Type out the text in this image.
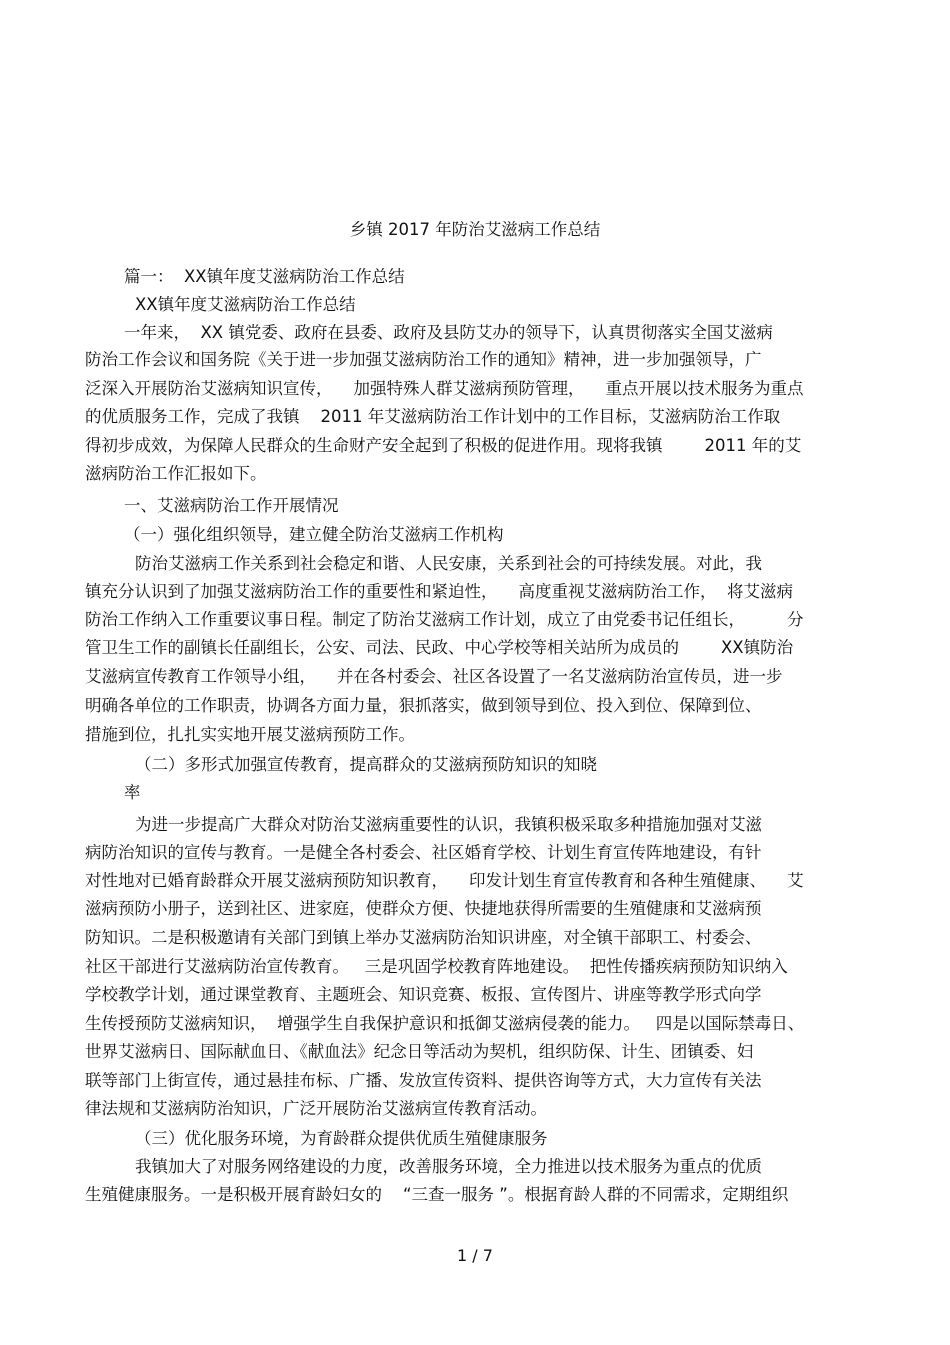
乡镇 2017 年防治艾滋病工作总结
篇一：  XX镇年度艾滋病防治工作总结
XX镇年度艾滋病防治工作总结
一年来，  XX 镇党委、政府在县委、政府及县防艾办的领导下，认真贯彻落实全国艾滋病
防治工作会议和国务院《关于进一步加强艾滋病防治工作的通知》精神，进一步加强领导，广
泛深入开展防治艾滋病知识宣传，    加强特殊人群艾滋病预防管理，    重点开展以技术服务为重点
的优质服务工作，完成了我镇    2011 年艾滋病防治工作计划中的工作目标，艾滋病防治工作取
得初步成效，为保障人民群众的生命财产安全起到了积极的促进作用。现将我镇        2011 年的艾
滋病防治工作汇报如下。
一、艾滋病防治工作开展情况
（一）强化组织领导，建立健全防治艾滋病工作机构
防治艾滋病工作关系到社会稳定和谐、人民安康，关系到社会的可持续发展。对此，我
镇充分认识到了加强艾滋病防治工作的重要性和紧迫性，    高度重视艾滋病防治工作，  将艾滋病
防治工作纳入工作重要议事日程。制定了防治艾滋病工作计划，成立了由党委书记任组长，        分
管卫生工作的副镇长任副组长，公安、司法、民政、中心学校等相关站所为成员的        XX镇防治
艾滋病宣传教育工作领导小组，    并在各村委会、社区各设置了一名艾滋病防治宣传员，进一步
明确各单位的工作职责，协调各方面力量，狠抓落实，做到领导到位、投入到位、保障到位、
措施到位，扎扎实实地开展艾滋病预防工作。
（二）多形式加强宣传教育，提高群众的艾滋病预防知识的知晓
率
为进一步提高广大群众对防治艾滋病重要性的认识，我镇积极采取多种措施加强对艾滋
病防治知识的宣传与教育。一是健全各村委会、社区婚育学校、计划生育宣传阵地建设，有针
对性地对已婚育龄群众开展艾滋病预防知识教育，    印发计划生育宣传教育和各种生殖健康、    艾
滋病预防小册子，送到社区、进家庭，使群众方便、快捷地获得所需要的生殖健康和艾滋病预
防知识。二是积极邀请有关部门到镇上举办艾滋病防治知识讲座，对全镇干部职工、村委会、
社区干部进行艾滋病防治宣传教育。   三是巩固学校教育阵地建设。  把性传播疾病预防知识纳入
学校教学计划，通过课堂教育、主题班会、知识竞赛、板报、宣传图片、讲座等教学形式向学
生传授预防艾滋病知识，  增强学生自我保护意识和抵御艾滋病侵袭的能力。   四是以国际禁毒日、
世界艾滋病日、国际献血日、《献血法》纪念日等活动为契机，组织防保、计生、团镇委、妇
联等部门上街宣传，通过悬挂布标、广播、发放宣传资料、提供咨询等方式，大力宣传有关法
律法规和艾滋病防治知识，广泛开展防治艾滋病宣传教育活动。
（三）优化服务环境，为育龄群众提供优质生殖健康服务
我镇加大了对服务网络建设的力度，改善服务环境，全力推进以技术服务为重点的优质
生殖健康服务。一是积极开展育龄妇女的    “三查一服务 ”。根据育龄人群的不同需求，定期组织
1 / 7
